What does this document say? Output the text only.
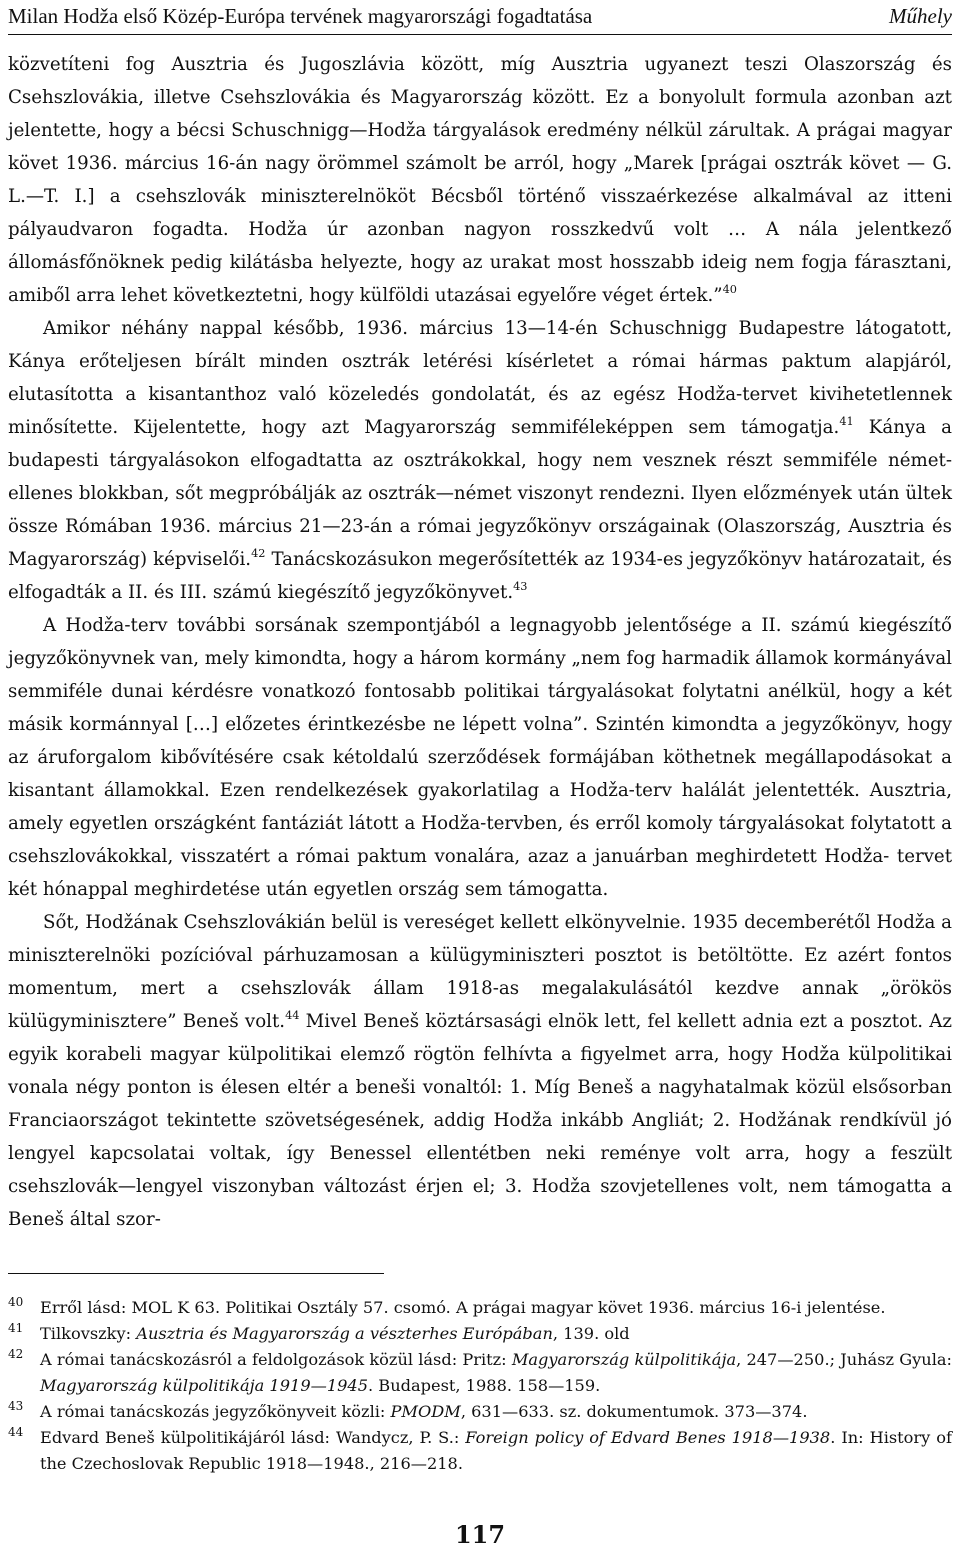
Milan Hodža első Közép-Európa tervének magyarországi fogadtatása	Műhely

közvetíteni fog Ausztria és Jugoszlávia között, míg Ausztria ugyanezt teszi Olaszország és Csehszlovákia, illetve Csehszlovákia és Magyarország között. Ez a bonyolult formula azonban azt jelentette, hogy a bécsi Schuschnigg—Hodža tárgyalások eredmény nélkül zárultak. A prágai magyar követ 1936. március 16-án nagy örömmel számolt be arról, hogy „Marek [prágai osztrák követ — G. L.—T. I.] a csehszlovák miniszterelnököt Bécsből történő visszaérkezése alkalmával az itteni pályaudvaron fogadta. Hodža úr azonban nagyon rosszkedvű volt … A nála jelentkező állomásfőnöknek pedig kilátásba helyezte, hogy az urakat most hosszabb ideig nem fogja fárasztani, amiből arra lehet következtetni, hogy külföldi utazásai egyelőre véget értek.”$^{40}$

Amikor néhány nappal később, 1936. március 13—14-én Schuschnigg Budapestre látogatott, Kánya erőteljesen bírált minden osztrák letérési kísérletet a római hármas paktum alapjáról, elutasította a kisantanthoz való közeledés gondolatát, és az egész Hodža-tervet kivihetetlennek minősítette. Kijelentette, hogy azt Magyarország semmiféleképpen sem támogatja.$^{41}$ Kánya a budapesti tárgyalásokon elfogadtatta az osztrákokkal, hogy nem vesznek részt semmiféle német-ellenes blokkban, sőt megpróbálják az osztrák—német viszonyt rendezni. Ilyen előzmények után ültek össze Rómában 1936. március 21—23-án a római jegyzőkönyv országainak (Olaszország, Ausztria és Magyarország) képviselői.$^{42}$ Tanácskozásukon megerősítették az 1934-es jegyzőkönyv határozatait, és elfogadták a II. és III. számú kiegészítő jegyzőkönyvet.$^{43}$

A Hodža-terv további sorsának szempontjából a legnagyobb jelentősége a II. számú kiegészítő jegyzőkönyvnek van, mely kimondta, hogy a három kormány „nem fog harmadik államok kormányával semmiféle dunai kérdésre vonatkozó fontosabb politikai tárgyalásokat folytatni anélkül, hogy a két másik kormánnyal […] előzetes érintkezésbe ne lépett volna”. Szintén kimondta a jegyzőkönyv, hogy az áruforgalom kibővítésére csak kétoldalú szerződések formájában köthetnek megállapodásokat a kisantant államokkal. Ezen rendelkezések gyakorlatilag a Hodža-terv halálát jelentették. Ausztria, amely egyetlen országként fantáziát látott a Hodža-tervben, és erről komoly tárgyalásokat folytatott a csehszlovákokkal, visszatért a római paktum vonalára, azaz a januárban meghirdetett Hodža- tervet két hónappal meghirdetése után egyetlen ország sem támogatta.

Sőt, Hodžának Csehszlovákián belül is vereséget kellett elkönyvelnie. 1935 decemberétől Hodža a miniszterelnöki pozícióval párhuzamosan a külügyminiszteri posztot is betöltötte. Ez azért fontos momentum, mert a csehszlovák állam 1918-as megalakulásától kezdve annak „örökös külügyminisztere” Beneš volt.$^{44}$ Mivel Beneš köztársasági elnök lett, fel kellett adnia ezt a posztot. Az egyik korabeli magyar külpolitikai elemző rögtön felhívta a figyelmet arra, hogy Hodža külpolitikai vonala négy ponton is élesen eltér a beneši vonaltól: 1. Míg Beneš a nagyhatalmak közül elsősorban Franciaországot tekintette szövetségesének, addig Hodža inkább Angliát; 2. Hodžának rendkívül jó lengyel kapcsolatai voltak, így Benessel ellentétben neki reménye volt arra, hogy a feszült csehszlovák—lengyel viszonyban változást érjen el; 3. Hodža szovjetellenes volt, nem támogatta a Beneš által szor-

40 Erről lásd: MOL K 63. Politikai Osztály 57. csomó. A prágai magyar követ 1936. március 16-i jelentése.
41 Tilkovszky: Ausztria és Magyarország a vészterhes Európában, 139. old
42 A római tanácskozásról a feldolgozások közül lásd: Pritz: Magyarország külpolitikája, 247—250.; Juhász Gyula: Magyarország külpolitikája 1919—1945. Budapest, 1988. 158—159.
43 A római tanácskozás jegyzőkönyveit közli: PMODM, 631—633. sz. dokumentumok. 373—374.
44 Edvard Beneš külpolitikájáról lásd: Wandycz, P. S.: Foreign policy of Edvard Benes 1918—1938. In: History of the Czechoslovak Republic 1918—1948., 216—218.
117
